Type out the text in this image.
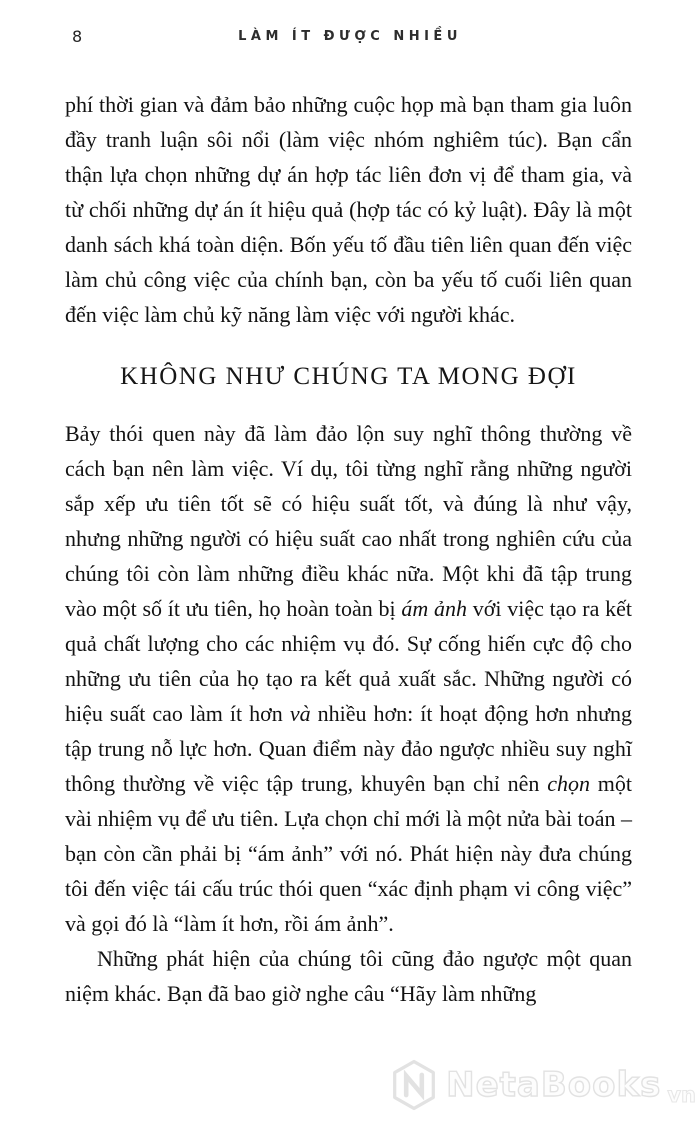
8	LÀM ÍT ĐƯỢC NHIỀU

phí thời gian và đảm bảo những cuộc họp mà bạn tham gia luôn đầy tranh luận sôi nổi (làm việc nhóm nghiêm túc). Bạn cẩn thận lựa chọn những dự án hợp tác liên đơn vị để tham gia, và từ chối những dự án ít hiệu quả (hợp tác có kỷ luật). Đây là một danh sách khá toàn diện. Bốn yếu tố đầu tiên liên quan đến việc làm chủ công việc của chính bạn, còn ba yếu tố cuối liên quan đến việc làm chủ kỹ năng làm việc với người khác.

KHÔNG NHƯ CHÚNG TA MONG ĐỢI

Bảy thói quen này đã làm đảo lộn suy nghĩ thông thường về cách bạn nên làm việc. Ví dụ, tôi từng nghĩ rằng những người sắp xếp ưu tiên tốt sẽ có hiệu suất tốt, và đúng là như vậy, nhưng những người có hiệu suất cao nhất trong nghiên cứu của chúng tôi còn làm những điều khác nữa. Một khi đã tập trung vào một số ít ưu tiên, họ hoàn toàn bị ám ảnh với việc tạo ra kết quả chất lượng cho các nhiệm vụ đó. Sự cống hiến cực độ cho những ưu tiên của họ tạo ra kết quả xuất sắc. Những người có hiệu suất cao làm ít hơn và nhiều hơn: ít hoạt động hơn nhưng tập trung nỗ lực hơn. Quan điểm này đảo ngược nhiều suy nghĩ thông thường về việc tập trung, khuyên bạn chỉ nên chọn một vài nhiệm vụ để ưu tiên. Lựa chọn chỉ mới là một nửa bài toán – bạn còn cần phải bị “ám ảnh” với nó. Phát hiện này đưa chúng tôi đến việc tái cấu trúc thói quen “xác định phạm vi công việc” và gọi đó là “làm ít hơn, rồi ám ảnh”.

Những phát hiện của chúng tôi cũng đảo ngược một quan niệm khác. Bạn đã bao giờ nghe câu “Hãy làm những

NetaBooks vn
